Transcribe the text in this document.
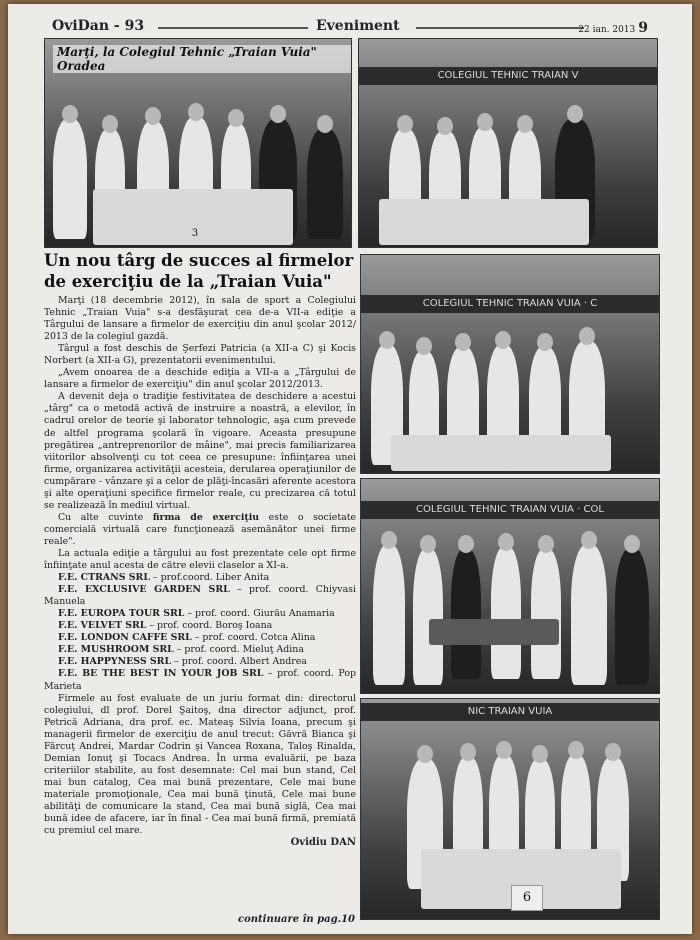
OviDan - 93	Eveniment	22 ian. 2013 9
Marţi, la Colegiul Tehnic „Traian Vuia" Oradea
3
COLEGIUL TEHNIC TRAIAN V
Un nou târg de succes al firmelor de exerciţiu de la „Traian Vuia"

Marţi (18 decembrie 2012), în sala de sport a Colegiului Tehnic „Traian Vuia" s-a desfăşurat cea de-a VII-a ediţie a Târgului de lansare a firmelor de exerciţiu din anul şcolar 2012/ 2013 de la colegiul gazdă.

Târgul a fost deschis de Şerfezi Patricia (a XII-a C) şi Kocis Norbert (a XII-a G), prezentatorii evenimentului.

„Avem onoarea de a deschide ediţia a VII-a a „Târgului de lansare a firmelor de exerciţiu" din anul şcolar 2012/2013.

A devenit deja o tradiţie festivitatea de deschidere a acestui „târg" ca o metodă activă de instruire a noastră, a elevilor, în cadrul orelor de teorie şi laborator tehnologic, aşa cum prevede de altfel programa şcolară în vigoare. Aceasta presupune pregătirea „antreprenorilor de mâine", mai precis familiarizarea viitorilor absolvenţi cu tot ceea ce presupune: înfiinţarea unei firme, organizarea activităţii acesteia, derularea operaţiunilor de cumpărare - vânzare şi a celor de plăţi-încasări aferente acestora şi alte operaţiuni specifice firmelor reale, cu precizarea că totul se realizează în mediul virtual.

Cu alte cuvinte firma de exerciţiu este o societate comercială virtuală care funcţionează asemănător unei firme reale".

La actuala ediţie a târgului au fost prezentate cele opt firme înfiinţate anul acesta de către elevii claselor a XI-a.

F.E. CTRANS SRL – prof.coord. Liber Anita

F.E. EXCLUSIVE GARDEN SRL – prof. coord. Chiyvasi Manuela

F.E. EUROPA TOUR SRL – prof. coord. Giurău Anamaria

F.E. VELVET SRL – prof. coord. Boroş Ioana

F.E. LONDON CAFFE SRL – prof. coord. Cotca Alina

F.E. MUSHROOM SRL – prof. coord. Mieluţ Adina

F.E. HAPPYNESS SRL – prof. coord. Albert Andrea

F.E. BE THE BEST IN YOUR JOB SRL – prof. coord. Pop Marieta

Firmele au fost evaluate de un juriu format din: directorul colegiului, dl prof. Dorel Şaitoş, dna director adjunct, prof. Petrică Adriana, dra prof. ec. Mateaş Silvia Ioana, precum şi managerii firmelor de exerciţiu de anul trecut: Găvră Bianca şi Fărcuţ Andrei, Mardar Codrin şi Vancea Roxana, Taloş Rinalda, Demian Ionuţ şi Tocacs Andrea. În urma evaluării, pe baza criteriilor stabilite, au fost desemnate: Cel mai bun stand, Cel mai bun catalog, Cea mai bună prezentare, Cele mai bune materiale promoţionale, Cea mai bună ţinută, Cele mai bune abilităţi de comunicare la stand, Cea mai bună siglă, Cea mai bună idee de afacere, iar în final - Cea mai bună firmă, premiată cu premiul cel mare.

Ovidiu DAN

continuare în pag.10
COLEGIUL TEHNIC TRAIAN VUIA · C
COLEGIUL TEHNIC TRAIAN VUIA · COL
NIC TRAIAN VUIA
6
